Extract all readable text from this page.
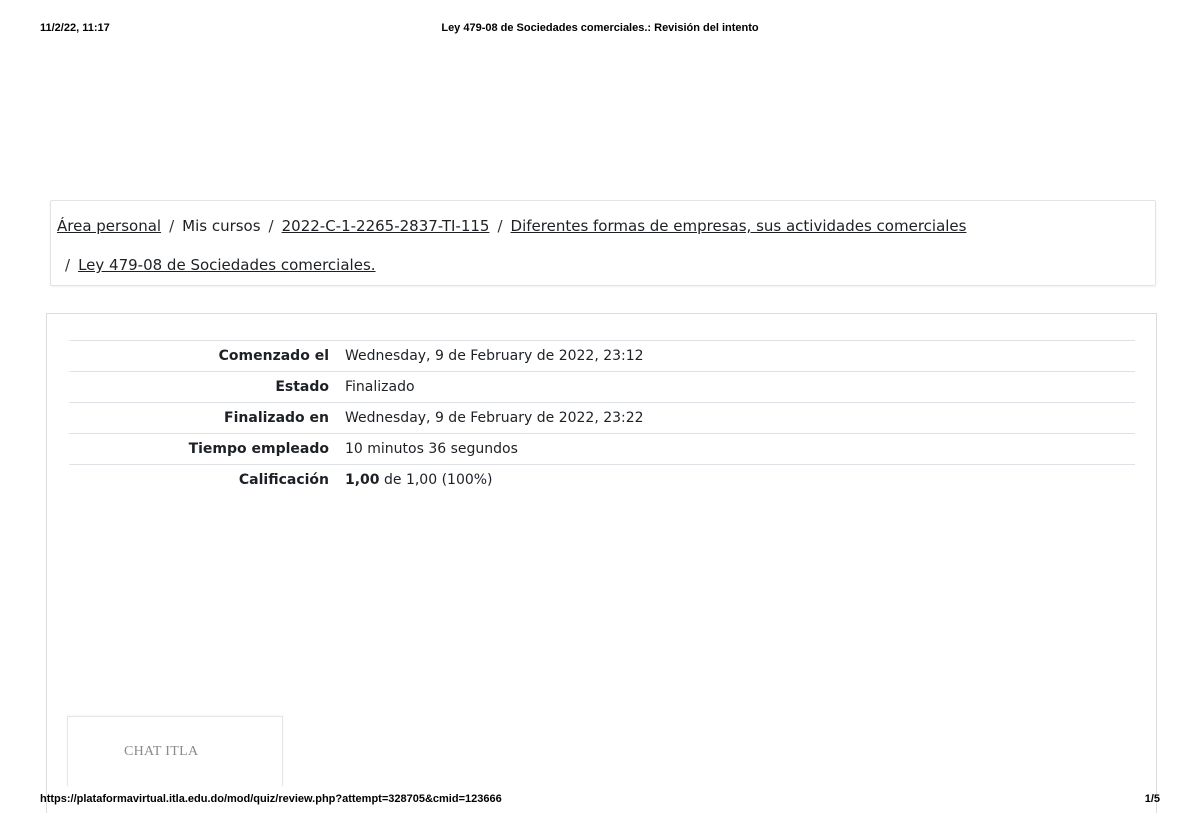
11/2/22, 11:17	Ley 479-08 de Sociedades comerciales.: Revisión del intento
Área personal / Mis cursos / 2022-C-1-2265-2837-TI-115 / Diferentes formas de empresas, sus actividades comerciales
/ Ley 479-08 de Sociedades comerciales.
Comenzado el	Wednesday, 9 de February de 2022, 23:12
Estado	Finalizado
Finalizado en	Wednesday, 9 de February de 2022, 23:22
Tiempo empleado	10 minutos 36 segundos
Calificación	1,00 de 1,00 (100%)
CHAT ITLA
https://plataformavirtual.itla.edu.do/mod/quiz/review.php?attempt=328705&cmid=123666	1/5
